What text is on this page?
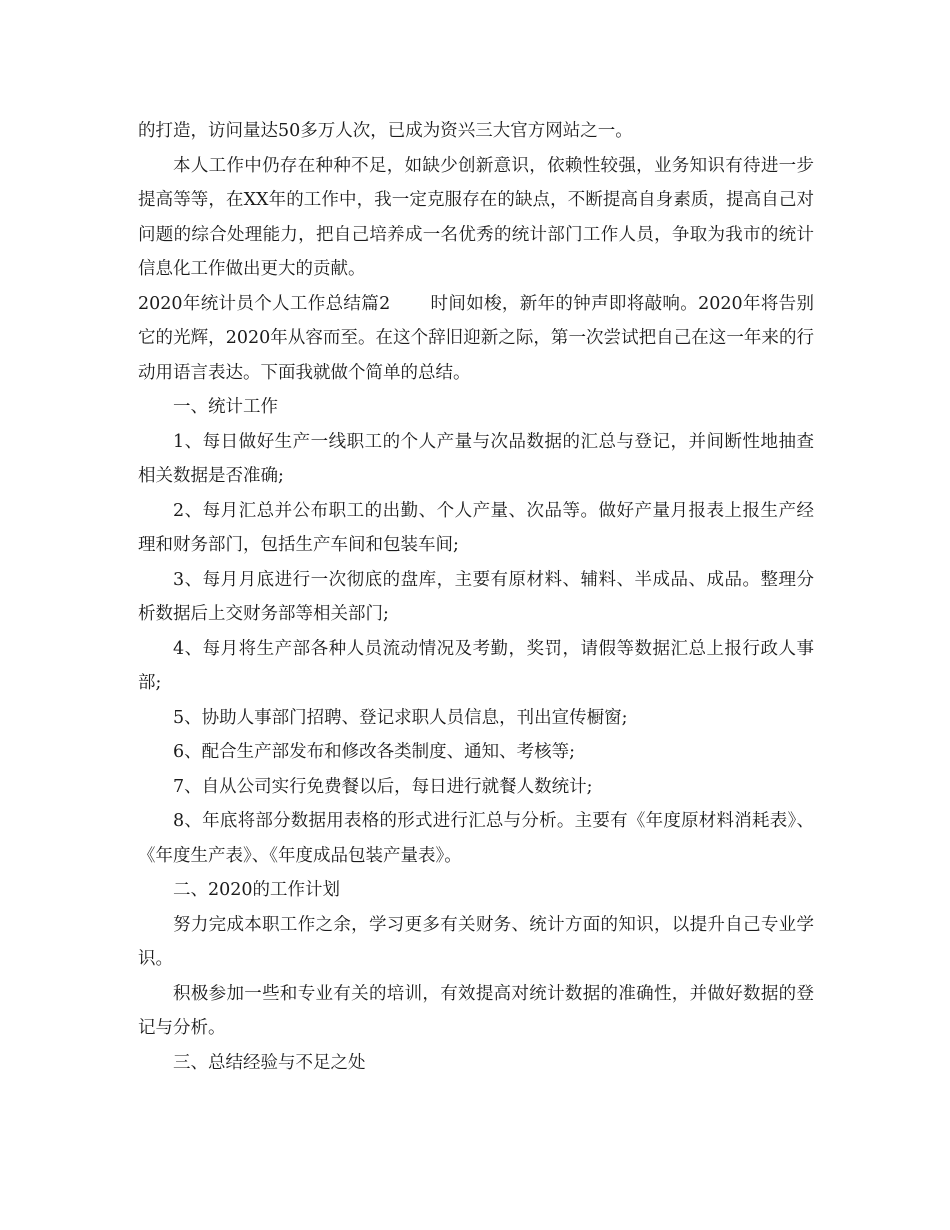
的打造，访问量达50多万人次，已成为资兴三大官方网站之一。

本人工作中仍存在种种不足，如缺少创新意识，依赖性较强，业务知识有待进一步提高等等，在XX年的工作中，我一定克服存在的缺点，不断提高自身素质，提高自己对问题的综合处理能力，把自己培养成一名优秀的统计部门工作人员，争取为我市的统计信息化工作做出更大的贡献。

2020年统计员个人工作总结篇2 时间如梭，新年的钟声即将敲响。2020年将告别它的光辉，2020年从容而至。在这个辞旧迎新之际，第一次尝试把自己在这一年来的行动用语言表达。下面我就做个简单的总结。

一、统计工作

1、每日做好生产一线职工的个人产量与次品数据的汇总与登记，并间断性地抽查相关数据是否准确;

2、每月汇总并公布职工的出勤、个人产量、次品等。做好产量月报表上报生产经理和财务部门，包括生产车间和包装车间;

3、每月月底进行一次彻底的盘库，主要有原材料、辅料、半成品、成品。整理分析数据后上交财务部等相关部门;

4、每月将生产部各种人员流动情况及考勤，奖罚，请假等数据汇总上报行政人事部;

5、协助人事部门招聘、登记求职人员信息，刊出宣传橱窗;

6、配合生产部发布和修改各类制度、通知、考核等;

7、自从公司实行免费餐以后，每日进行就餐人数统计;

8、年底将部分数据用表格的形式进行汇总与分析。主要有《年度原材料消耗表》、《年度生产表》、《年度成品包装产量表》。

二、2020的工作计划

努力完成本职工作之余，学习更多有关财务、统计方面的知识，以提升自己专业学识。

积极参加一些和专业有关的培训，有效提高对统计数据的准确性，并做好数据的登记与分析。

三、总结经验与不足之处
